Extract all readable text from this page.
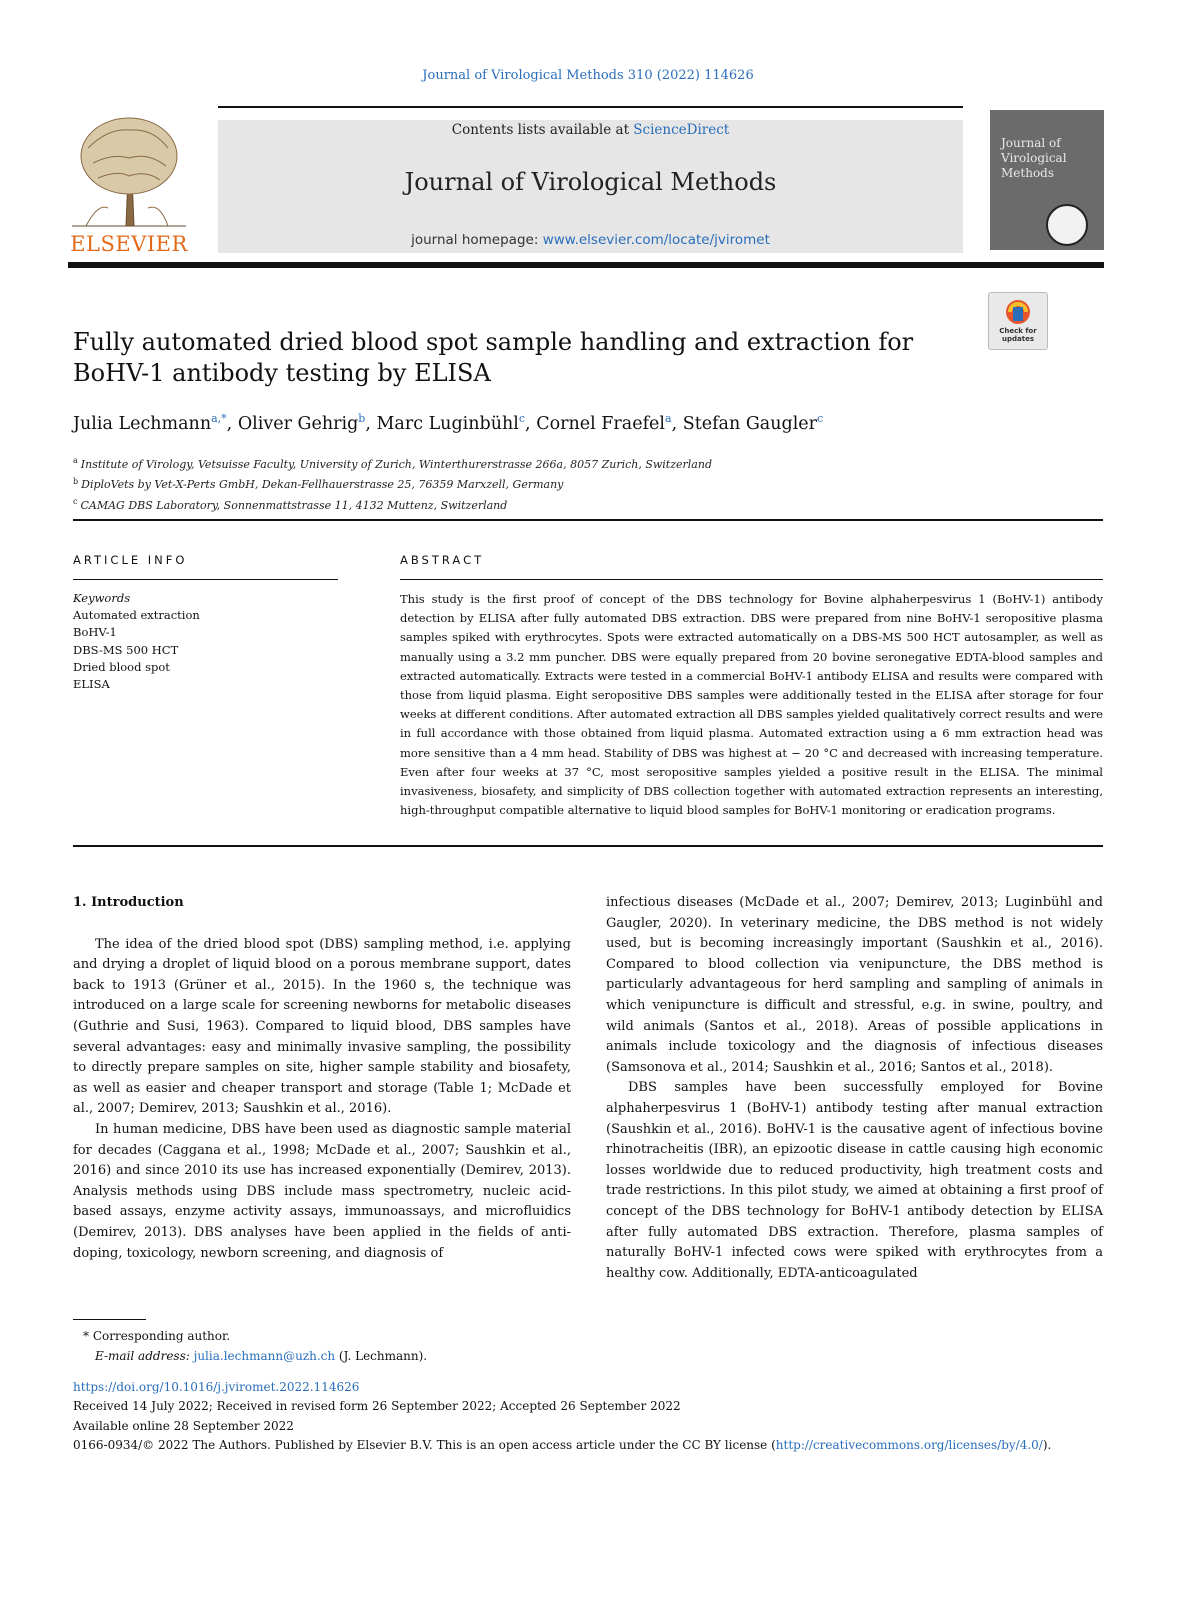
Journal of Virological Methods 310 (2022) 114626
ELSEVIER
Contents lists available at ScienceDirect
Journal of Virological Methods
journal homepage: www.elsevier.com/locate/jviromet
Journal of Virological Methods
Fully automated dried blood spot sample handling and extraction for BoHV-1 antibody testing by ELISA
Check for updates
Julia Lechmann$^{a,*}$, Oliver Gehrig$^b$, Marc Luginbühl$^c$, Cornel Fraefel$^a$, Stefan Gaugler$^c$
$^a$ Institute of Virology, Vetsuisse Faculty, University of Zurich, Winterthurerstrasse 266a, 8057 Zurich, Switzerland
$^b$ DiploVets by Vet-X-Perts GmbH, Dekan-Fellhauerstrasse 25, 76359 Marxzell, Germany
$^c$ CAMAG DBS Laboratory, Sonnenmattstrasse 11, 4132 Muttenz, Switzerland
ARTICLE INFO
Keywords
Automated extraction
BoHV-1
DBS-MS 500 HCT
Dried blood spot
ELISA
ABSTRACT
This study is the first proof of concept of the DBS technology for Bovine alphaherpesvirus 1 (BoHV-1) antibody detection by ELISA after fully automated DBS extraction. DBS were prepared from nine BoHV-1 seropositive plasma samples spiked with erythrocytes. Spots were extracted automatically on a DBS-MS 500 HCT autosampler, as well as manually using a 3.2 mm puncher. DBS were equally prepared from 20 bovine seronegative EDTA-blood samples and extracted automatically. Extracts were tested in a commercial BoHV-1 antibody ELISA and results were compared with those from liquid plasma. Eight seropositive DBS samples were additionally tested in the ELISA after storage for four weeks at different conditions. After automated extraction all DBS samples yielded qualitatively correct results and were in full accordance with those obtained from liquid plasma. Automated extraction using a 6 mm extraction head was more sensitive than a 4 mm head. Stability of DBS was highest at − 20 °C and decreased with increasing temperature. Even after four weeks at 37 °C, most seropositive samples yielded a positive result in the ELISA. The minimal invasiveness, biosafety, and simplicity of DBS collection together with automated extraction represents an interesting, high-throughput compatible alternative to liquid blood samples for BoHV-1 monitoring or eradication programs.
1. Introduction

The idea of the dried blood spot (DBS) sampling method, i.e. applying and drying a droplet of liquid blood on a porous membrane support, dates back to 1913 (Grüner et al., 2015). In the 1960 s, the technique was introduced on a large scale for screening newborns for metabolic diseases (Guthrie and Susi, 1963). Compared to liquid blood, DBS samples have several advantages: easy and minimally invasive sampling, the possibility to directly prepare samples on site, higher sample stability and biosafety, as well as easier and cheaper transport and storage (Table 1; McDade et al., 2007; Demirev, 2013; Saushkin et al., 2016).

In human medicine, DBS have been used as diagnostic sample material for decades (Caggana et al., 1998; McDade et al., 2007; Saushkin et al., 2016) and since 2010 its use has increased exponentially (Demirev, 2013). Analysis methods using DBS include mass spectrometry, nucleic acid-based assays, enzyme activity assays, immunoassays, and microfluidics (Demirev, 2013). DBS analyses have been applied in the fields of anti-doping, toxicology, newborn screening, and diagnosis of

infectious diseases (McDade et al., 2007; Demirev, 2013; Luginbühl and Gaugler, 2020). In veterinary medicine, the DBS method is not widely used, but is becoming increasingly important (Saushkin et al., 2016). Compared to blood collection via venipuncture, the DBS method is particularly advantageous for herd sampling and sampling of animals in which venipuncture is difficult and stressful, e.g. in swine, poultry, and wild animals (Santos et al., 2018). Areas of possible applications in animals include toxicology and the diagnosis of infectious diseases (Samsonova et al., 2014; Saushkin et al., 2016; Santos et al., 2018).

DBS samples have been successfully employed for Bovine alphaherpesvirus 1 (BoHV-1) antibody testing after manual extraction (Saushkin et al., 2016). BoHV-1 is the causative agent of infectious bovine rhinotracheitis (IBR), an epizootic disease in cattle causing high economic losses worldwide due to reduced productivity, high treatment costs and trade restrictions. In this pilot study, we aimed at obtaining a first proof of concept of the DBS technology for BoHV-1 antibody detection by ELISA after fully automated DBS extraction. Therefore, plasma samples of naturally BoHV-1 infected cows were spiked with erythrocytes from a healthy cow. Additionally, EDTA-anticoagulated

* Corresponding author.
E-mail address: julia.lechmann@uzh.ch (J. Lechmann).
https://doi.org/10.1016/j.jviromet.2022.114626
Received 14 July 2022; Received in revised form 26 September 2022; Accepted 26 September 2022
Available online 28 September 2022
0166-0934/© 2022 The Authors. Published by Elsevier B.V. This is an open access article under the CC BY license (http://creativecommons.org/licenses/by/4.0/).
